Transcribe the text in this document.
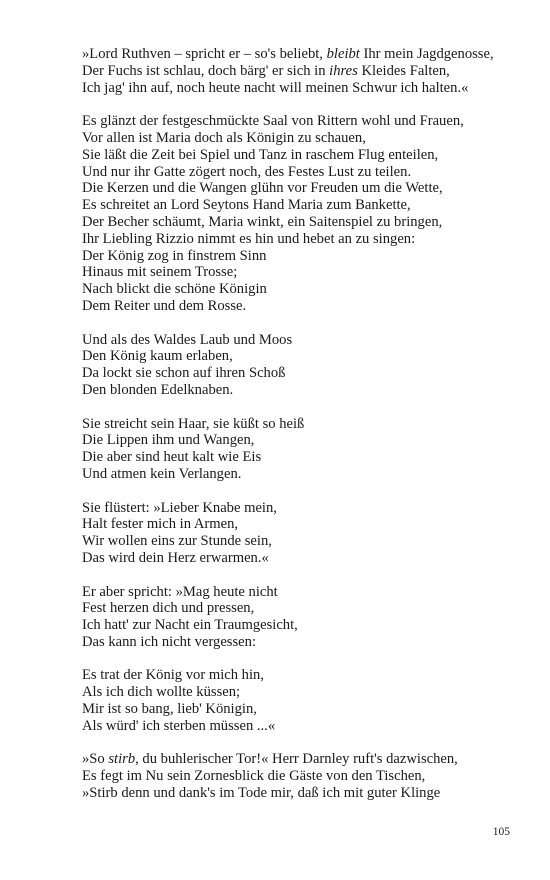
»Lord Ruthven – spricht er – so's beliebt, bleibt Ihr mein Jagdgenosse,
Der Fuchs ist schlau, doch bärg' er sich in ihres Kleides Falten,
Ich jag' ihn auf, noch heute nacht will meinen Schwur ich halten.«
Es glänzt der festgeschmückte Saal von Rittern wohl und Frauen,
Vor allen ist Maria doch als Königin zu schauen,
Sie läßt die Zeit bei Spiel und Tanz in raschem Flug enteilen,
Und nur ihr Gatte zögert noch, des Festes Lust zu teilen.
Die Kerzen und die Wangen glühn vor Freuden um die Wette,
Es schreitet an Lord Seytons Hand Maria zum Bankette,
Der Becher schäumt, Maria winkt, ein Saitenspiel zu bringen,
Ihr Liebling Rizzio nimmt es hin und hebet an zu singen:
Der König zog in finstrem Sinn
Hinaus mit seinem Trosse;
Nach blickt die schöne Königin
Dem Reiter und dem Rosse.
Und als des Waldes Laub und Moos
Den König kaum erlaben,
Da lockt sie schon auf ihren Schoß
Den blonden Edelknaben.
Sie streicht sein Haar, sie küßt so heiß
Die Lippen ihm und Wangen,
Die aber sind heut kalt wie Eis
Und atmen kein Verlangen.
Sie flüstert: »Lieber Knabe mein,
Halt fester mich in Armen,
Wir wollen eins zur Stunde sein,
Das wird dein Herz erwarmen.«
Er aber spricht: »Mag heute nicht
Fest herzen dich und pressen,
Ich hatt' zur Nacht ein Traumgesicht,
Das kann ich nicht vergessen:
Es trat der König vor mich hin,
Als ich dich wollte küssen;
Mir ist so bang, lieb' Königin,
Als würd' ich sterben müssen ...«
»So stirb, du buhlerischer Tor!« Herr Darnley ruft's dazwischen,
Es fegt im Nu sein Zornesblick die Gäste von den Tischen,
»Stirb denn und dank's im Tode mir, daß ich mit guter Klinge
105
